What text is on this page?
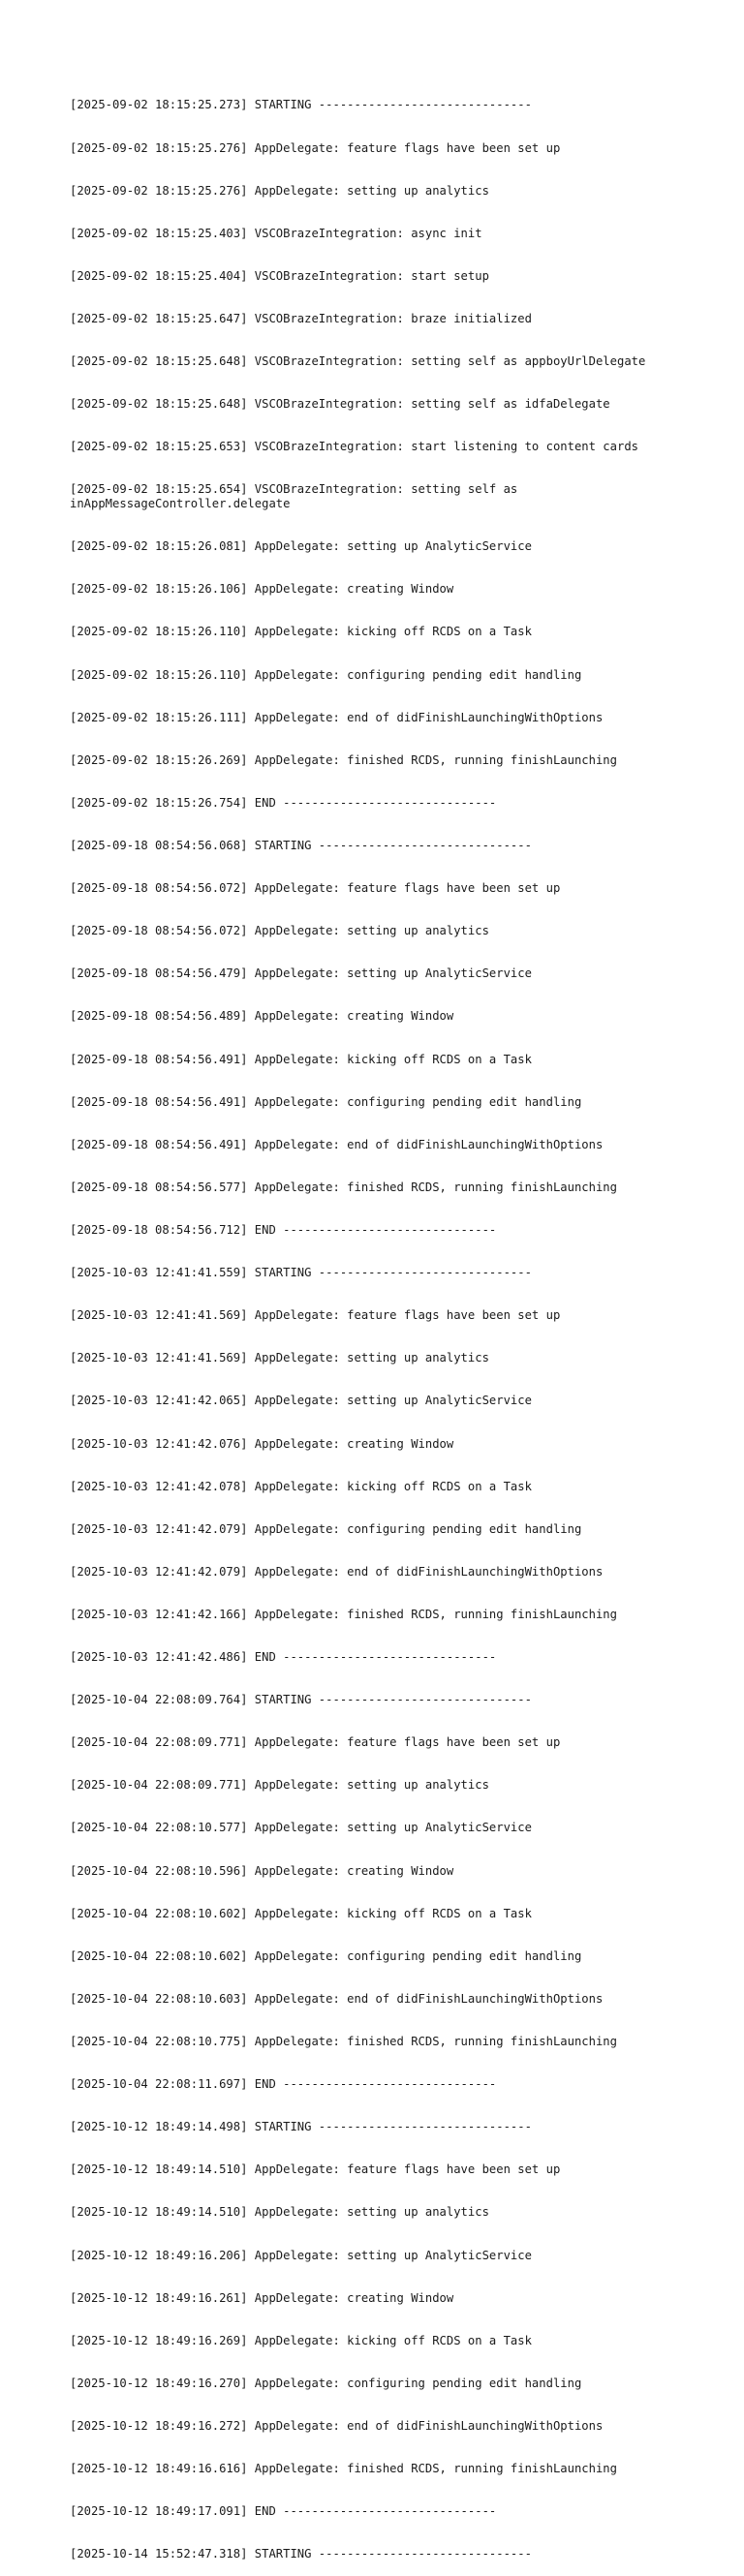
[2025-09-02 18:15:25.273] STARTING ------------------------------

[2025-09-02 18:15:25.276] AppDelegate: feature flags have been set up

[2025-09-02 18:15:25.276] AppDelegate: setting up analytics

[2025-09-02 18:15:25.403] VSCOBrazeIntegration: async init

[2025-09-02 18:15:25.404] VSCOBrazeIntegration: start setup

[2025-09-02 18:15:25.647] VSCOBrazeIntegration: braze initialized

[2025-09-02 18:15:25.648] VSCOBrazeIntegration: setting self as appboyUrlDelegate

[2025-09-02 18:15:25.648] VSCOBrazeIntegration: setting self as idfaDelegate

[2025-09-02 18:15:25.653] VSCOBrazeIntegration: start listening to content cards

[2025-09-02 18:15:25.654] VSCOBrazeIntegration: setting self as
inAppMessageController.delegate

[2025-09-02 18:15:26.081] AppDelegate: setting up AnalyticService

[2025-09-02 18:15:26.106] AppDelegate: creating Window

[2025-09-02 18:15:26.110] AppDelegate: kicking off RCDS on a Task

[2025-09-02 18:15:26.110] AppDelegate: configuring pending edit handling

[2025-09-02 18:15:26.111] AppDelegate: end of didFinishLaunchingWithOptions

[2025-09-02 18:15:26.269] AppDelegate: finished RCDS, running finishLaunching

[2025-09-02 18:15:26.754] END ------------------------------

[2025-09-18 08:54:56.068] STARTING ------------------------------

[2025-09-18 08:54:56.072] AppDelegate: feature flags have been set up

[2025-09-18 08:54:56.072] AppDelegate: setting up analytics

[2025-09-18 08:54:56.479] AppDelegate: setting up AnalyticService

[2025-09-18 08:54:56.489] AppDelegate: creating Window

[2025-09-18 08:54:56.491] AppDelegate: kicking off RCDS on a Task

[2025-09-18 08:54:56.491] AppDelegate: configuring pending edit handling

[2025-09-18 08:54:56.491] AppDelegate: end of didFinishLaunchingWithOptions

[2025-09-18 08:54:56.577] AppDelegate: finished RCDS, running finishLaunching

[2025-09-18 08:54:56.712] END ------------------------------

[2025-10-03 12:41:41.559] STARTING ------------------------------

[2025-10-03 12:41:41.569] AppDelegate: feature flags have been set up

[2025-10-03 12:41:41.569] AppDelegate: setting up analytics

[2025-10-03 12:41:42.065] AppDelegate: setting up AnalyticService

[2025-10-03 12:41:42.076] AppDelegate: creating Window

[2025-10-03 12:41:42.078] AppDelegate: kicking off RCDS on a Task

[2025-10-03 12:41:42.079] AppDelegate: configuring pending edit handling

[2025-10-03 12:41:42.079] AppDelegate: end of didFinishLaunchingWithOptions

[2025-10-03 12:41:42.166] AppDelegate: finished RCDS, running finishLaunching

[2025-10-03 12:41:42.486] END ------------------------------

[2025-10-04 22:08:09.764] STARTING ------------------------------

[2025-10-04 22:08:09.771] AppDelegate: feature flags have been set up

[2025-10-04 22:08:09.771] AppDelegate: setting up analytics

[2025-10-04 22:08:10.577] AppDelegate: setting up AnalyticService

[2025-10-04 22:08:10.596] AppDelegate: creating Window

[2025-10-04 22:08:10.602] AppDelegate: kicking off RCDS on a Task

[2025-10-04 22:08:10.602] AppDelegate: configuring pending edit handling

[2025-10-04 22:08:10.603] AppDelegate: end of didFinishLaunchingWithOptions

[2025-10-04 22:08:10.775] AppDelegate: finished RCDS, running finishLaunching

[2025-10-04 22:08:11.697] END ------------------------------

[2025-10-12 18:49:14.498] STARTING ------------------------------

[2025-10-12 18:49:14.510] AppDelegate: feature flags have been set up

[2025-10-12 18:49:14.510] AppDelegate: setting up analytics

[2025-10-12 18:49:16.206] AppDelegate: setting up AnalyticService

[2025-10-12 18:49:16.261] AppDelegate: creating Window

[2025-10-12 18:49:16.269] AppDelegate: kicking off RCDS on a Task

[2025-10-12 18:49:16.270] AppDelegate: configuring pending edit handling

[2025-10-12 18:49:16.272] AppDelegate: end of didFinishLaunchingWithOptions

[2025-10-12 18:49:16.616] AppDelegate: finished RCDS, running finishLaunching

[2025-10-12 18:49:17.091] END ------------------------------

[2025-10-14 15:52:47.318] STARTING ------------------------------
